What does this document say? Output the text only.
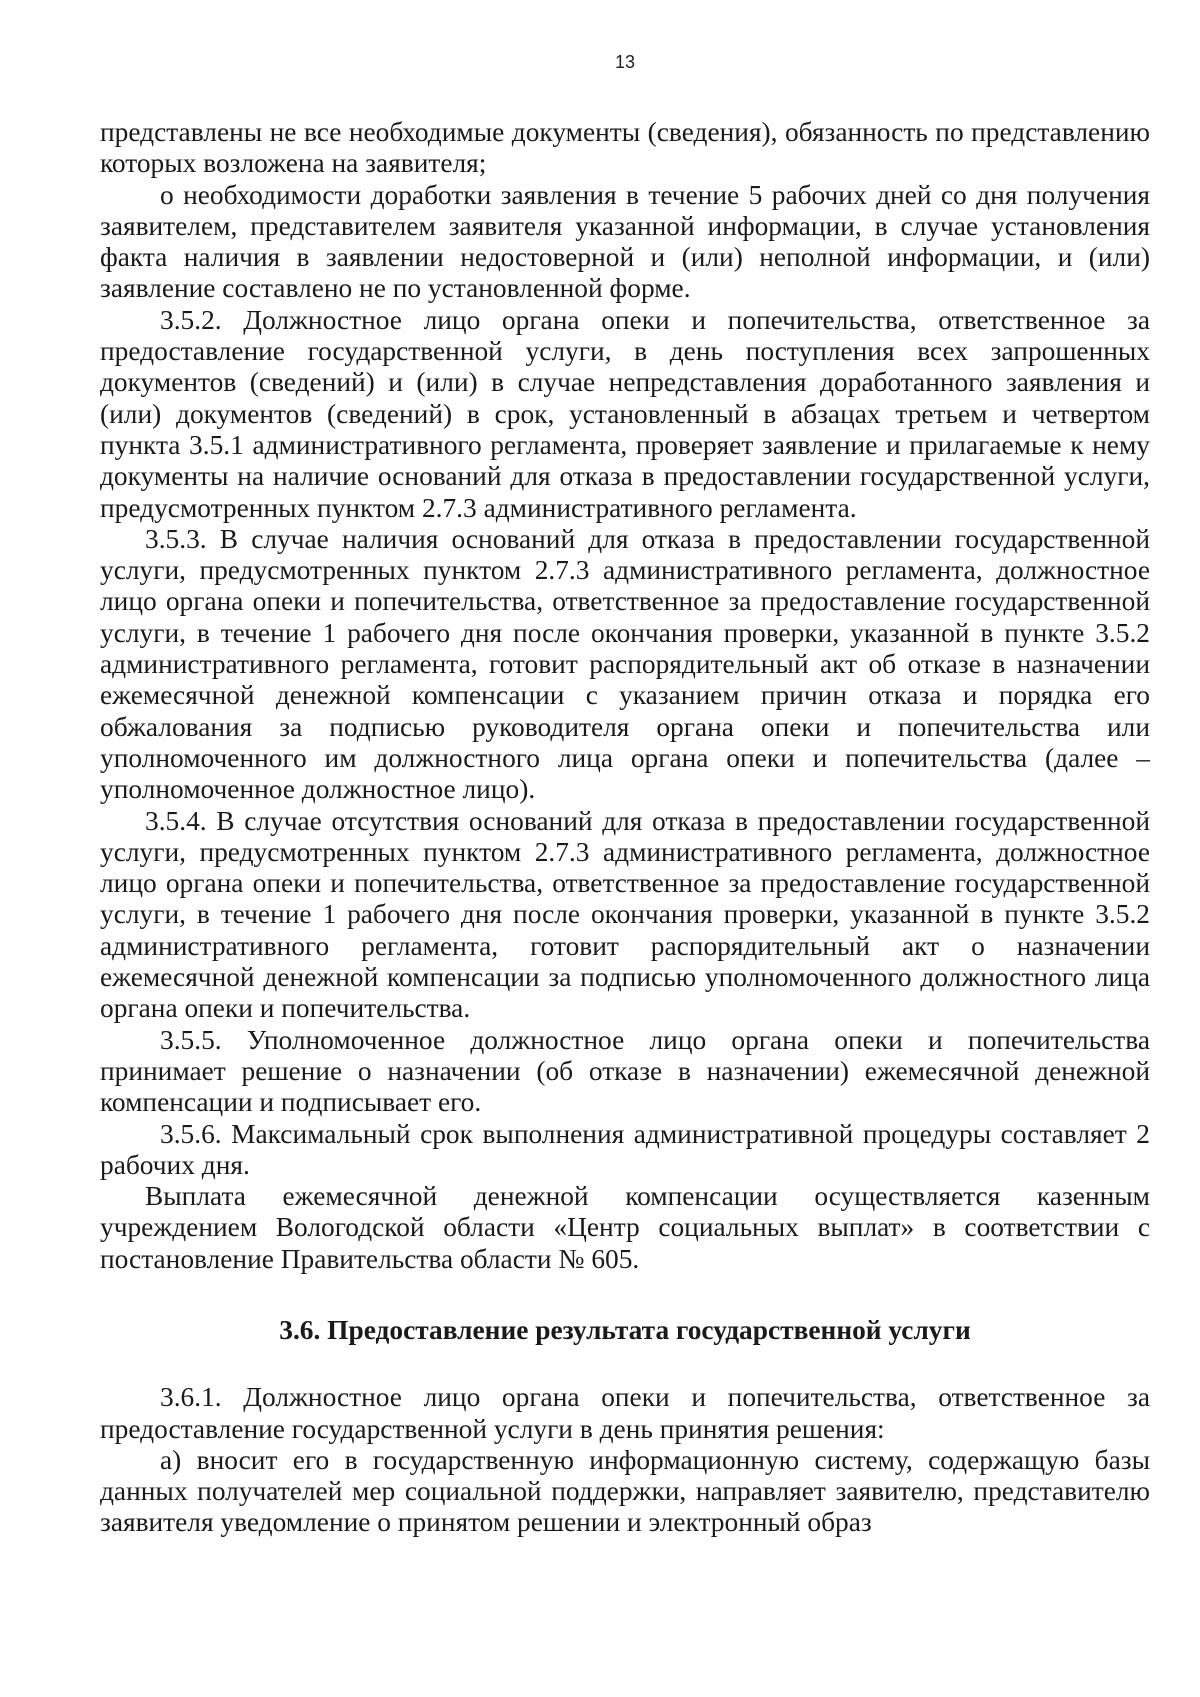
13

представлены не все необходимые документы (сведения), обязанность по представлению которых возложена на заявителя;

о необходимости доработки заявления в течение 5 рабочих дней со дня получения заявителем, представителем заявителя указанной информации, в случае установления факта наличия в заявлении недостоверной и (или) неполной информации, и (или) заявление составлено не по установленной форме.

3.5.2. Должностное лицо органа опеки и попечительства, ответственное за предоставление государственной услуги, в день поступления всех запрошенных документов (сведений) и (или) в случае непредставления доработанного заявления и (или) документов (сведений) в срок, установленный в абзацах третьем и четвертом пункта 3.5.1 административного регламента, проверяет заявление и прилагаемые к нему документы на наличие оснований для отказа в предоставлении государственной услуги, предусмотренных пунктом 2.7.3 административного регламента.

3.5.3. В случае наличия оснований для отказа в предоставлении государственной услуги, предусмотренных пунктом 2.7.3 административного регламента, должностное лицо органа опеки и попечительства, ответственное за предоставление государственной услуги, в течение 1 рабочего дня после окончания проверки, указанной в пункте 3.5.2 административного регламента, готовит распорядительный акт об отказе в назначении ежемесячной денежной компенсации с указанием причин отказа и порядка его обжалования за подписью руководителя органа опеки и попечительства или уполномоченного им должностного лица органа опеки и попечительства (далее – уполномоченное должностное лицо).

3.5.4. В случае отсутствия оснований для отказа в предоставлении государственной услуги, предусмотренных пунктом 2.7.3 административного регламента, должностное лицо органа опеки и попечительства, ответственное за предоставление государственной услуги, в течение 1 рабочего дня после окончания проверки, указанной в пункте 3.5.2 административного регламента, готовит распорядительный акт о назначении ежемесячной денежной компенсации за подписью уполномоченного должностного лица органа опеки и попечительства.

3.5.5. Уполномоченное должностное лицо органа опеки и попечительства принимает решение о назначении (об отказе в назначении) ежемесячной денежной компенсации и подписывает его.

3.5.6. Максимальный срок выполнения административной процедуры составляет 2 рабочих дня.

Выплата ежемесячной денежной компенсации осуществляется казенным учреждением Вологодской области «Центр социальных выплат» в соответствии с постановление Правительства области № 605.

3.6. Предоставление результата государственной услуги

3.6.1. Должностное лицо органа опеки и попечительства, ответственное за предоставление государственной услуги в день принятия решения:

а) вносит его в государственную информационную систему, содержащую базы данных получателей мер социальной поддержки, направляет заявителю, представителю заявителя уведомление о принятом решении и электронный образ
